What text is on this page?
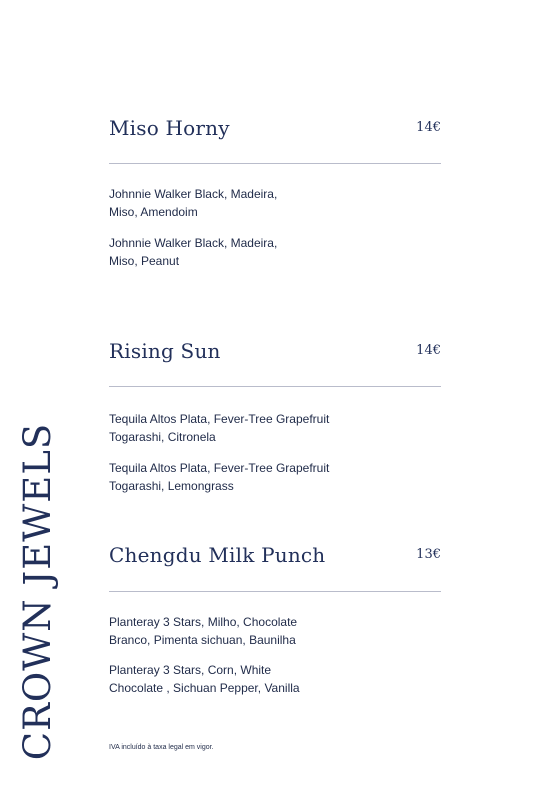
CROWN JEWELS
Miso Horny	14€

Johnnie Walker Black, Madeira,

Miso, Amendoim

Johnnie Walker Black, Madeira,

Miso, Peanut

Rising Sun	14€

Tequila Altos Plata, Fever-Tree Grapefruit

Togarashi, Citronela

Tequila Altos Plata, Fever-Tree Grapefruit

Togarashi, Lemongrass

Chengdu Milk Punch	13€

Planteray 3 Stars, Milho, Chocolate

Branco, Pimenta sichuan, Baunilha

Planteray 3 Stars, Corn, White

Chocolate , Sichuan Pepper, Vanilla

IVA incluído à taxa legal em vigor.
